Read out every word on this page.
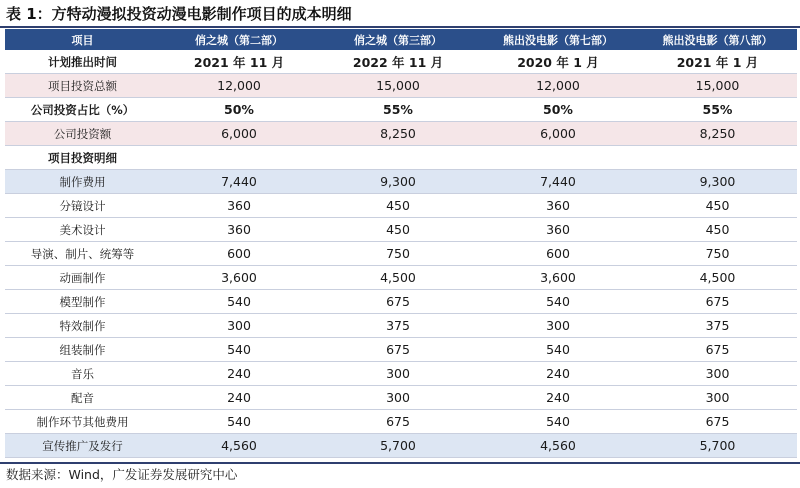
表 1：方特动漫拟投资动漫电影制作项目的成本明细
项目	俏之城（第二部）	俏之城（第三部）	熊出没电影（第七部）	熊出没电影（第八部）
计划推出时间	2021 年 11 月	2022 年 11 月	2020 年 1 月	2021 年 1 月
项目投资总额	12,000	15,000	12,000	15,000
公司投资占比（%）	50%	55%	50%	55%
公司投资额	6,000	8,250	6,000	8,250
项目投资明细				
制作费用	7,440	9,300	7,440	9,300
分镜设计	360	450	360	450
美术设计	360	450	360	450
导演、制片、统筹等	600	750	600	750
动画制作	3,600	4,500	3,600	4,500
模型制作	540	675	540	675
特效制作	300	375	300	375
组装制作	540	675	540	675
音乐	240	300	240	300
配音	240	300	240	300
制作环节其他费用	540	675	540	675
宣传推广及发行	4,560	5,700	4,560	5,700
数据来源：Wind，广发证券发展研究中心
